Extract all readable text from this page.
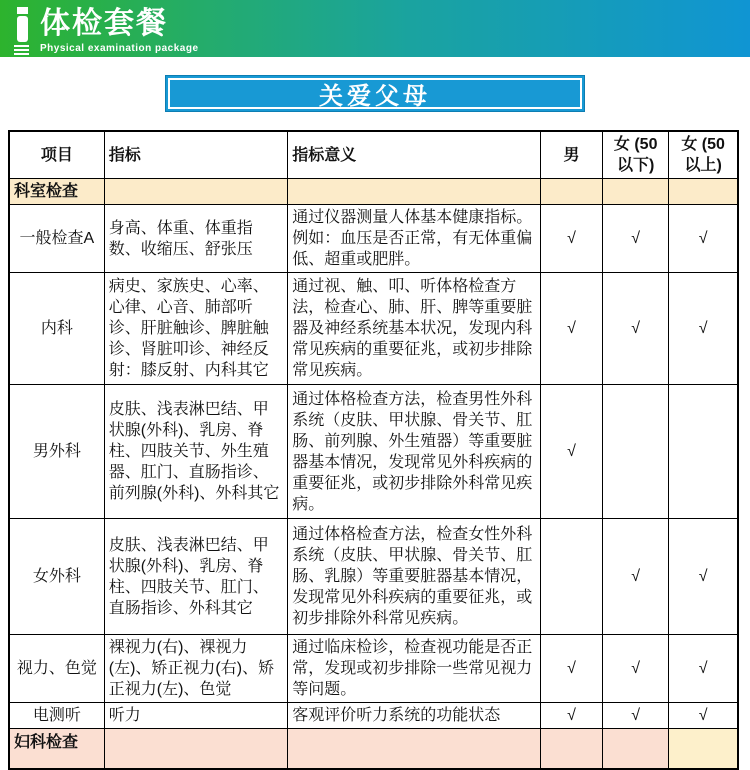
体检套餐
Physical examination package
关爱父母
项目	指标	指标意义	男	女 (50 以下)	女 (50 以上)
科室检查					
一般检查A	身高、体重、体重指数、收缩压、舒张压	通过仪器测量人体基本健康指标。例如：血压是否正常，有无体重偏低、超重或肥胖。	√	√	√
内科	病史、家族史、心率、心律、心音、肺部听诊、肝脏触诊、脾脏触诊、肾脏叩诊、神经反射：膝反射、内科其它	通过视、触、叩、听体格检查方法，检查心、肺、肝、脾等重要脏器及神经系统基本状况，发现内科常见疾病的重要征兆，或初步排除常见疾病。	√	√	√
男外科	皮肤、浅表淋巴结、甲状腺(外科)、乳房、脊柱、四肢关节、外生殖器、肛门、直肠指诊、前列腺(外科)、外科其它	通过体格检查方法，检查男性外科系统（皮肤、甲状腺、骨关节、肛肠、前列腺、外生殖器）等重要脏器基本情况，发现常见外科疾病的重要征兆，或初步排除外科常见疾病。	√		
女外科	皮肤、浅表淋巴结、甲状腺(外科)、乳房、脊柱、四肢关节、肛门、直肠指诊、外科其它	通过体格检查方法，检查女性外科系统（皮肤、甲状腺、骨关节、肛肠、乳腺）等重要脏器基本情况，发现常见外科疾病的重要征兆，或初步排除外科常见疾病。		√	√
视力、色觉	裸视力(右)、裸视力(左)、矫正视力(右)、矫正视力(左)、色觉	通过临床检诊，检查视功能是否正常，发现或初步排除一些常见视力等问题。	√	√	√
电测听	听力	客观评价听力系统的功能状态	√	√	√
妇科检查					
